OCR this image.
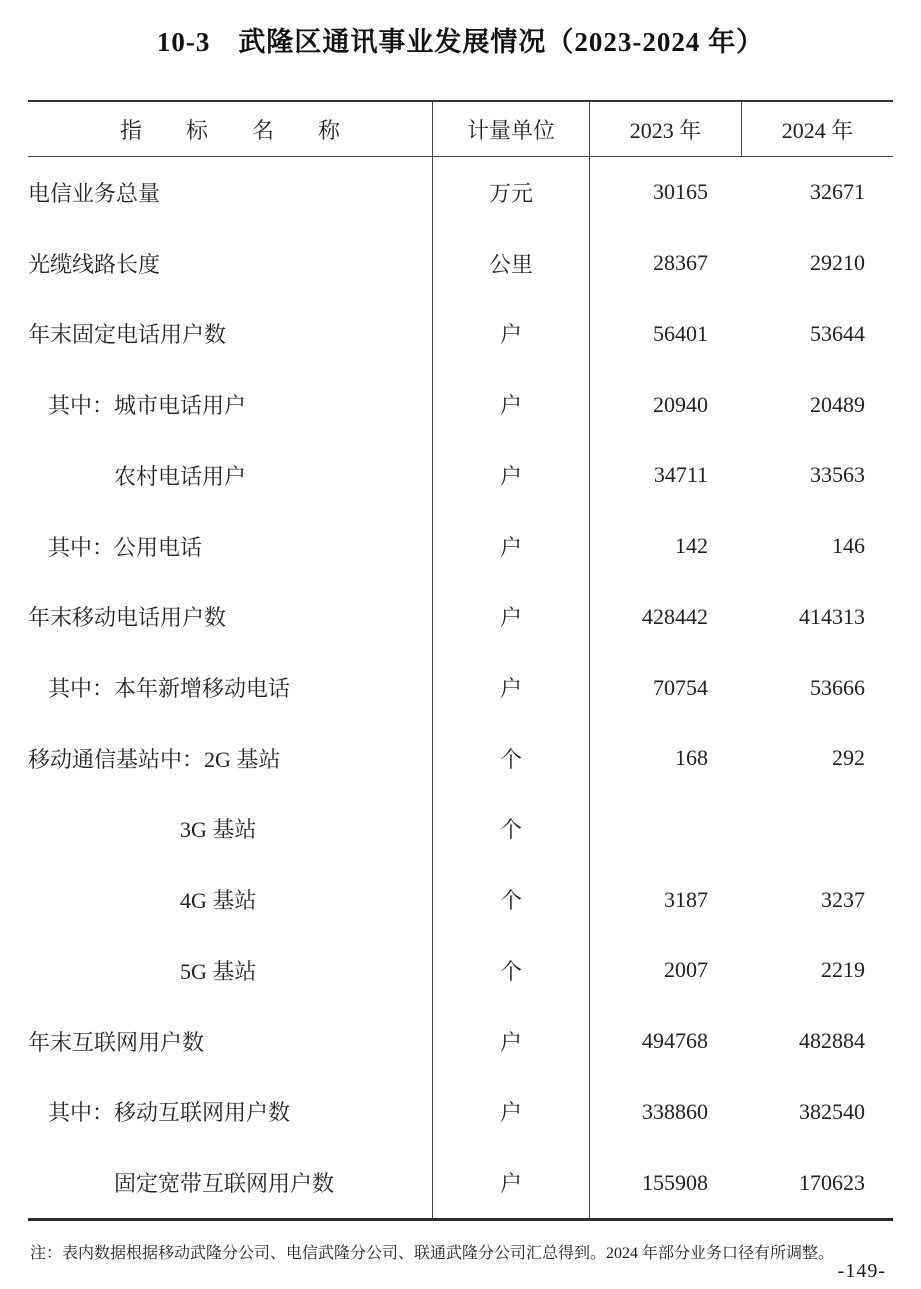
10-3　武隆区通讯事业发展情况（2023-2024 年）
指　　标　　名　　称	计量单位	2023 年	2024 年
电信业务总量	万元	30165	32671
光缆线路长度	公里	28367	29210
年末固定电话用户数	户	56401	53644
其中：城市电话用户	户	20940	20489
农村电话用户	户	34711	33563
其中：公用电话	户	142	146
年末移动电话用户数	户	428442	414313
其中：本年新增移动电话	户	70754	53666
移动通信基站中：2G 基站	个	168	292
3G 基站	个
4G 基站	个	3187	3237
5G 基站	个	2007	2219
年末互联网用户数	户	494768	482884
其中：移动互联网用户数	户	338860	382540
固定宽带互联网用户数	户	155908	170623
注：表内数据根据移动武隆分公司、电信武隆分公司、联通武隆分公司汇总得到。2024 年部分业务口径有所调整。
-149-
